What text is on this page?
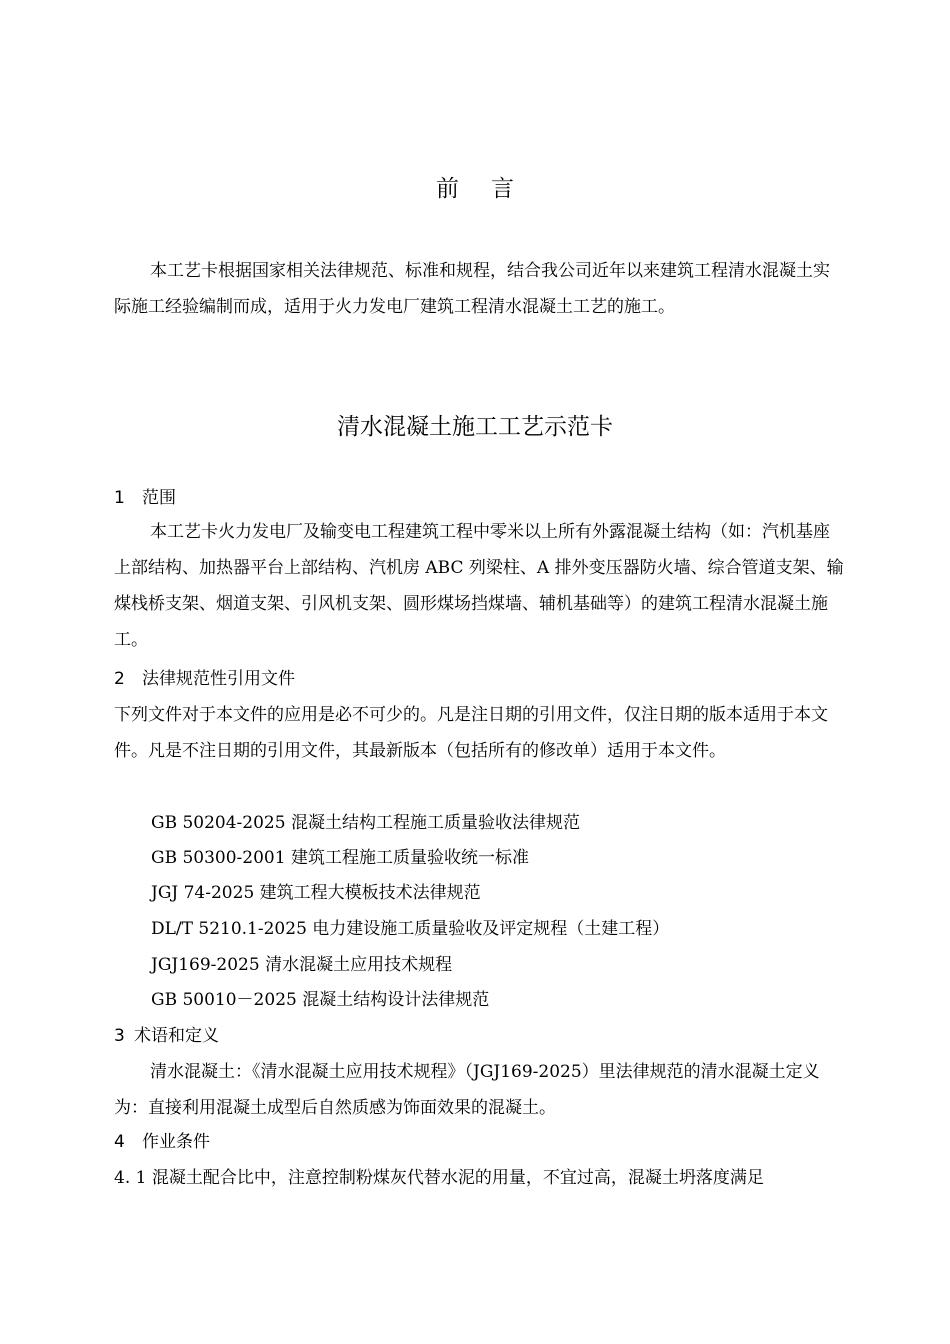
前 言
本工艺卡根据国家相关法律规范、标准和规程，结合我公司近年以来建筑工程清水混凝土实际施工经验编制而成，适用于火力发电厂建筑工程清水混凝土工艺的施工。
清水混凝土施工工艺示范卡
1 范围
本工艺卡火力发电厂及输变电工程建筑工程中零米以上所有外露混凝土结构（如：汽机基座上部结构、加热器平台上部结构、汽机房 ABC 列梁柱、A 排外变压器防火墙、综合管道支架、输煤栈桥支架、烟道支架、引风机支架、圆形煤场挡煤墙、辅机基础等）的建筑工程清水混凝土施工。
2 法律规范性引用文件
下列文件对于本文件的应用是必不可少的。凡是注日期的引用文件，仅注日期的版本适用于本文件。凡是不注日期的引用文件，其最新版本（包括所有的修改单）适用于本文件。
GB 50204-2025 混凝土结构工程施工质量验收法律规范
GB 50300-2001 建筑工程施工质量验收统一标准
JGJ 74-2025 建筑工程大模板技术法律规范
DL/T 5210.1-2025 电力建设施工质量验收及评定规程（土建工程）
JGJ169-2025 清水混凝土应用技术规程
GB 50010－2025 混凝土结构设计法律规范
3 术语和定义
清水混凝土：《清水混凝土应用技术规程》（JGJ169-2025）里法律规范的清水混凝土定义为：直接利用混凝土成型后自然质感为饰面效果的混凝土。
4 作业条件
4. 1 混凝土配合比中，注意控制粉煤灰代替水泥的用量，不宜过高，混凝土坍落度满足
